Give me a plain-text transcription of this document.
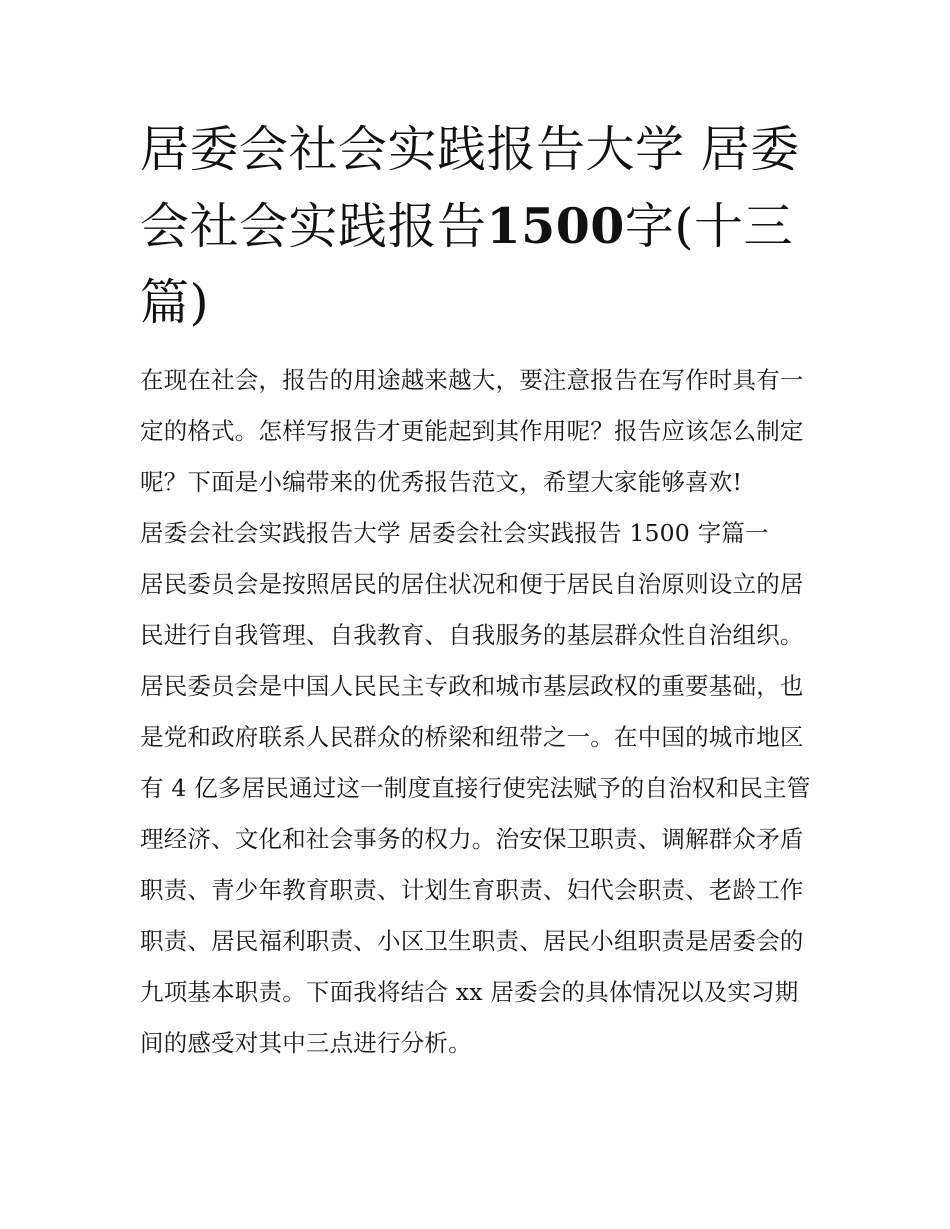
居委会社会实践报告大学 居委会社会实践报告1500字(十三篇)

在现在社会，报告的用途越来越大，要注意报告在写作时具有一定的格式。怎样写报告才更能起到其作用呢？报告应该怎么制定呢？下面是小编带来的优秀报告范文，希望大家能够喜欢!

居委会社会实践报告大学 居委会社会实践报告 1500 字篇一

居民委员会是按照居民的居住状况和便于居民自治原则设立的居民进行自我管理、自我教育、自我服务的基层群众性自治组织。居民委员会是中国人民民主专政和城市基层政权的重要基础，也是党和政府联系人民群众的桥梁和纽带之一。在中国的城市地区有 4 亿多居民通过这一制度直接行使宪法赋予的自治权和民主管理经济、文化和社会事务的权力。治安保卫职责、调解群众矛盾职责、青少年教育职责、计划生育职责、妇代会职责、老龄工作职责、居民福利职责、小区卫生职责、居民小组职责是居委会的九项基本职责。下面我将结合 xx 居委会的具体情况以及实习期间的感受对其中三点进行分析。
